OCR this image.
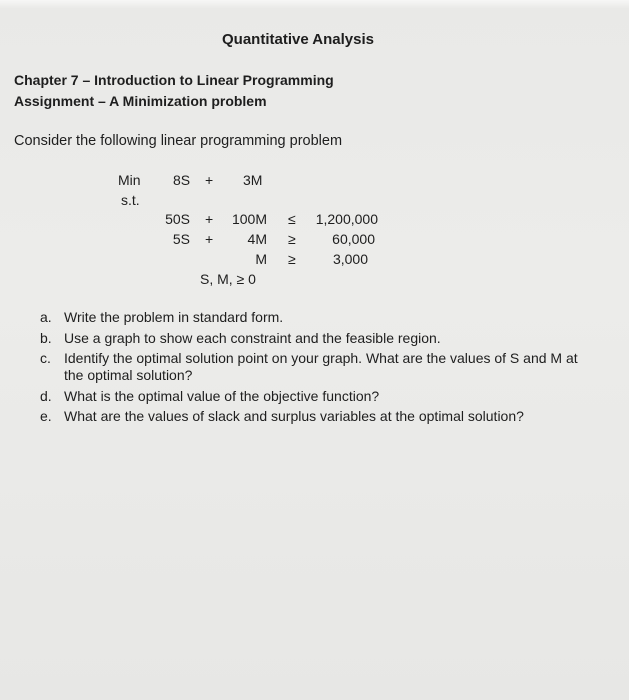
Quantitative Analysis
Chapter 7 – Introduction to Linear Programming
Assignment – A Minimization problem
Consider the following linear programming problem
Min 8S + 3M
s.t.
50S +	100M ≤	1,200,000
5S +	4M ≥	60,000
M ≥	3,000
S, M, ≥ 0
a. Write the problem in standard form.
b. Use a graph to show each constraint and the feasible region.
c. Identify the optimal solution point on your graph. What are the values of S and M at the optimal solution?
d. What is the optimal value of the objective function?
e. What are the values of slack and surplus variables at the optimal solution?
